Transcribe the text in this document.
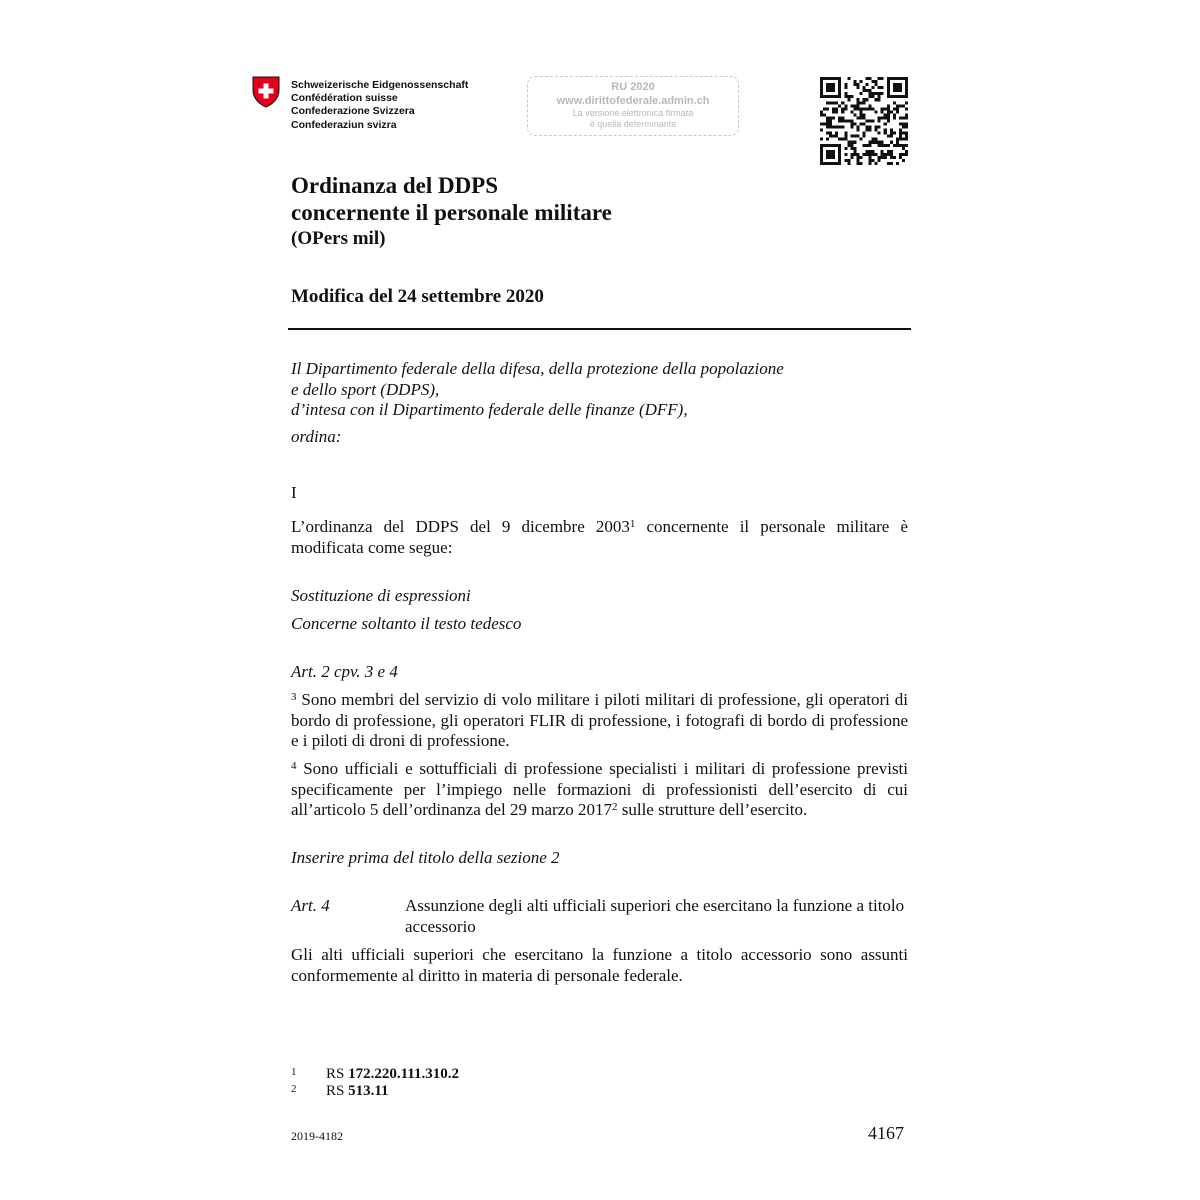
Schweizerische Eidgenossenschaft
Confédération suisse
Confederazione Svizzera
Confederaziun svizra
RU 2020
www.dirittofederale.admin.ch
La versione elettronica firmata
è quella determinante
Ordinanza del DDPS
concernente il personale militare
(OPers mil)
Modifica del 24 settembre 2020
Il Dipartimento federale della difesa, della protezione della popolazione
e dello sport (DDPS),
d’intesa con il Dipartimento federale delle finanze (DFF),
ordina:
I
L’ordinanza del DDPS del 9 dicembre 2003$^1$ concernente il personale militare è modificata come segue:
Sostituzione di espressioni
Concerne soltanto il testo tedesco
Art. 2 cpv. 3 e 4
$^3$ Sono membri del servizio di volo militare i piloti militari di professione, gli operatori di bordo di professione, gli operatori FLIR di professione, i fotografi di bordo di professione e i piloti di droni di professione.
$^4$ Sono ufficiali e sottufficiali di professione specialisti i militari di professione previsti specificamente per l’impiego nelle formazioni di professionisti dell’esercito di cui all’articolo 5 dell’ordinanza del 29 marzo 2017$^2$ sulle strutture dell’esercito.
Inserire prima del titolo della sezione 2
Art. 4	Assunzione degli alti ufficiali superiori che esercitano la funzione a titolo accessorio
Gli alti ufficiali superiori che esercitano la funzione a titolo accessorio sono assunti conformemente al diritto in materia di personale federale.
1 RS 172.220.111.310.2
2 RS 513.11
2019-4182	4167
